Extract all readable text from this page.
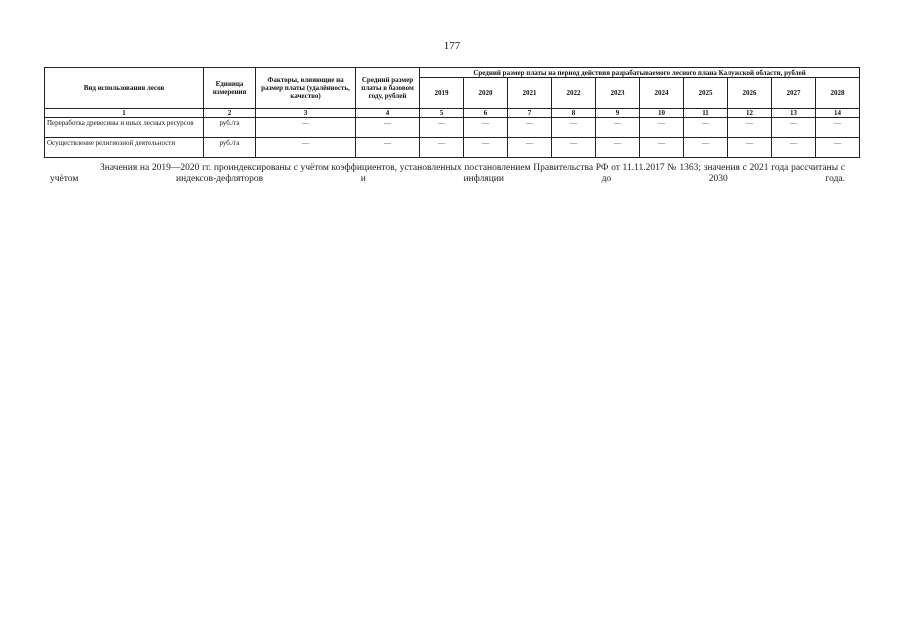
177
Вид использования лесов	Единица измерения	Факторы, влияющие на размер платы (удалённость, качество)	Средний размер платы в базовом году, рублей	Средний размер платы на период действия разрабатываемого лесного плана Калужской области, рублей									
				2019	2020	2021	2022	2023	2024	2025	2026	2027	2028
1	2	3	4	5	6	7	8	9	10	11	12	13	14
Переработка древесины и иных лесных ресурсов	руб./га	—	—	—	—	—	—	—	—	—	—	—	—
Осуществление религиозной деятельности	руб./га	—	—	—	—	—	—	—	—	—	—	—	—
Значения на 2019—2020 гг. проиндексированы с учётом коэффициентов, установленных постановлением Правительства РФ от 11.11.2017 № 1363; значения с 2021 года рассчитаны с учётом индексов-дефляторов и инфляции до 2030 года.
